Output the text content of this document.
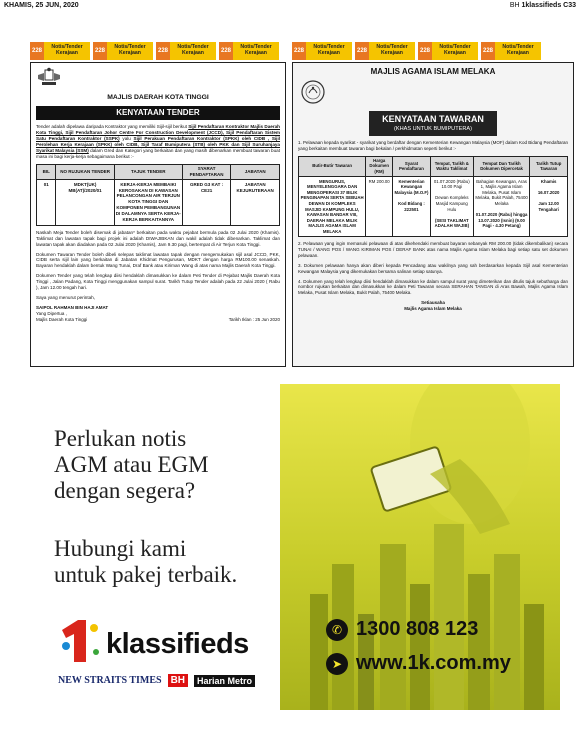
KHAMIS, 25 JUN, 2020	BH 1klassifieds C33
228
Notis/Tender
Kerajaan	228
Notis/Tender
Kerajaan	228
Notis/Tender
Kerajaan	228
Notis/Tender
Kerajaan	228
Notis/Tender
Kerajaan	228
Notis/Tender
Kerajaan	228
Notis/Tender
Kerajaan	228
Notis/Tender
Kerajaan
MAJLIS DAERAH KOTA TINGGI
KENYATAAN TENDER

Tender adalah dipelawa daripada Kontraktor yang memiliki Sijil-sijil berikut Sijil Pendaftaran Kontraktor Majlis Daerah Kota Tinggi, Sijil Pendaftaran Johor Centre For Construction Development (JCCD), Sijil Pendaftaran Sistem Satu Pendaftaran Kontraktor (SSPK) yalu Sijil Perakuan Pendaftaran Kontraktor (SPKK) oleh CIDB , Sijil Perolehan Kerja Kerajaan (SPKK) oleh CIDB, Sijil Taraf Bumiputera (STB) oleh PKK dan Sijil Suruhanjaya Syarikat Malaysia (SSM) dalam Gred dan Kategori yang berkaitan dan yang masih dibenarkan membuat tawaran buat masa ini bagi kerja-kerja sebagaimana berikut :-

BIL	NO RUJUKAN TENDER	TAJUK TENDER	SYARAT PENDAFTARAN	JABATAN
01	MDKT(UK) MB(AT)/2020/01	KERJA-KERJA MEMBAIKI KEROSAKAN DI KAWASAN PELANCONGAN AIR TERJUN KOTA TINGGI DAN KOMPONEN PEMBANGUNAN DI DALAMNYA SERTA KERJA-KERJA BERKAITANNYA	GRED G3 KAT : CE21	JABATAN KEJURUTERAAN

Naskah Meja Tender boleh disemak di jabatan* berkaitan pada waktu pejabat bermula pada 02 Julai 2020 (Khamis). Taklimat dan lawatan tapak bagi projek ini adalah DIWAJIBKAN dan wakil adalah tidak dibenarkan. Taklimat dan lawatan tapak akan diadakan pada 02 Julai 2020 (Khamis), Jam 9.30 pagi, bertempat di Air Terjun Kota Tinggi.

Dokumen Tawaran Tender boleh dibeli selepas taklimat lawatan tapak dengan mengemukakan sijil asal JCCD, PKK, CIDB serta sijil lain yang berkaitan di Jabatan Khidmat Pengurusan, MDKT dengan harga RM100.00 senaskah. Bayaran hendaklah dalam bentuk Wang Tunai, Draf Bank atau Kiriman Wang di atas nama Majlis Daerah Kota Tinggi.

Dokumen Tender yang telah lengkap diisi hendaklah dimasukkan ke dalam Peti Tender di Pejabat Majlis Daerah Kota Tinggi , Jalan Padang, Kota Tinggi menggunakan sampul surat. Tarikh Tutup Tender adalah pada 22 Julai 2020 ( Rabu ), Jam 12.00 tengah hari.

Saya yang menurut perintah,

SAIPOL RAHMAN BIN HAJI AMAT
Yang Dipertua ,
Majlis Daerah Kota Tinggi	Tarikh Iklan : 25 Jun 2020
MAJLIS AGAMA ISLAM MELAKA
KENYATAAN TAWARAN
(KHAS UNTUK BUMIPUTERA)

1. Pelawaan kepada syarikat - syarikat yang berdaftar dengan Kementerian Kewangan Malaysia (MOF) dalam Kod Bidang Pendaftaran yang berkaitan membuat tawaran bagi bekalan / perkhidmatan seperti berikut :-

Butir-Butir Tawaran	Harga Dokumen (RM)	Syarat Pendaftaran	Tempat, Tarikh & Waktu Taklimat	Tempat Dan Tarikh Dokumen Dipercetak	Tarikh Tutup Tawaran
MENGURUS, MENYELENGGARA DAN MENGOPERASI 37 BILIK PENGINAPAN SERTA SEBUAH DEWAN DI KOMPLEKS MASJID KAMPUNG HULU, KAWASAN BANDAR VIII, DAERAH MELAKA MILIK MAJLIS AGAMA ISLAM MELAKA	RM 200.00	Kementerian Kewangan Malaysia (M.O.F)

Kod Bidang : 222501	01.07.2020 (Rabu) 10.00 Pagi

Dewan Kompleks Masjid Kampung Hulu

(SESI TAKLIMAT ADALAH WAJIB)	Bahagian Kewangan, Aras 1, Majlis Agama Islam Melaka, Pusat Islam Melaka, Bukit Palah, 75400 Melaka

01.07.2020 (Rabu) hingga 13.07.2020 (Isnin) (9.00 Pagi - 4.30 Petang)	Khamis

16.07.2020

Jam 12.00 Tengahari

2. Pelawaan yang ingin memasuki pelawaan di atas dikehendaki membuat bayaran sebanyak RM 200.00 (tidak dikembalikan) secara TUNAI / WANG POS / WANG KIRIMAN POS / DERAF BANK atas nama Majlis Agama Islam Melaka bagi setiap satu set dokumen pelawaan.

3. Dokumen pelawaan hanya akan diberi kepada Pencadang atau wakilnya yang sah berdasarkan kepada Sijil asal Kementerian Kewangan Malaysia yang dikemukakan bersama salinan setiap satunya.

4. Dokumen yang telah lengkap diisi hendaklah dimasukkan ke dalam sampul surat yang dimeterikan dan ditulis tajuk sebutharga dan nombor rujukan berkaitan dan dimasukkan ke dalam Peti Tawaran secara SERAHAN TANGAN di Aras Bawah, Majlis Agama Islam Melaka, Pusat Islam Melaka, Bukit Palah, 75400 Melaka.

Setiausaha
Majlis Agama Islam Melaka
Perlukan notis
AGM atau EGM
dengan segera?
Hubungi kami
untuk pakej terbaik.
klassifieds
NEW STRAITS TIMES BH	Harian Metro
✆ 1300 808 123
➤ www.1k.com.my
